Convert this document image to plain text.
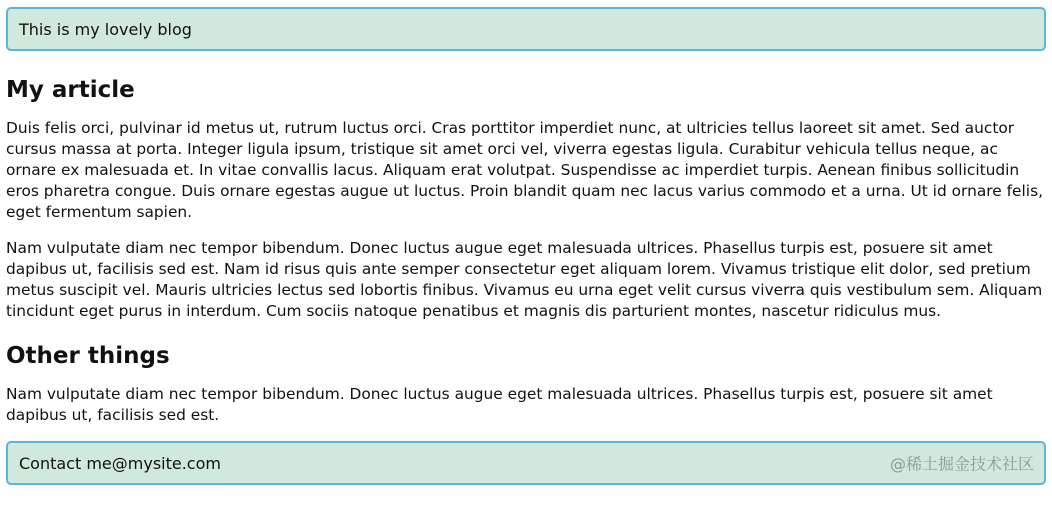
This is my lovely blog
My article

Duis felis orci, pulvinar id metus ut, rutrum luctus orci. Cras porttitor imperdiet nunc, at ultricies tellus laoreet sit amet. Sed auctor cursus massa at porta. Integer ligula ipsum, tristique sit amet orci vel, viverra egestas ligula. Curabitur vehicula tellus neque, ac ornare ex malesuada et. In vitae convallis lacus. Aliquam erat volutpat. Suspendisse ac imperdiet turpis. Aenean finibus sollicitudin eros pharetra congue. Duis ornare egestas augue ut luctus. Proin blandit quam nec lacus varius commodo et a urna. Ut id ornare felis, eget fermentum sapien.

Nam vulputate diam nec tempor bibendum. Donec luctus augue eget malesuada ultrices. Phasellus turpis est, posuere sit amet dapibus ut, facilisis sed est. Nam id risus quis ante semper consectetur eget aliquam lorem. Vivamus tristique elit dolor, sed pretium metus suscipit vel. Mauris ultricies lectus sed lobortis finibus. Vivamus eu urna eget velit cursus viverra quis vestibulum sem. Aliquam tincidunt eget purus in interdum. Cum sociis natoque penatibus et magnis dis parturient montes, nascetur ridiculus mus.

Other things

Nam vulputate diam nec tempor bibendum. Donec luctus augue eget malesuada ultrices. Phasellus turpis est, posuere sit amet dapibus ut, facilisis sed est.

Contact me@mysite.com	@稀土掘金技术社区
